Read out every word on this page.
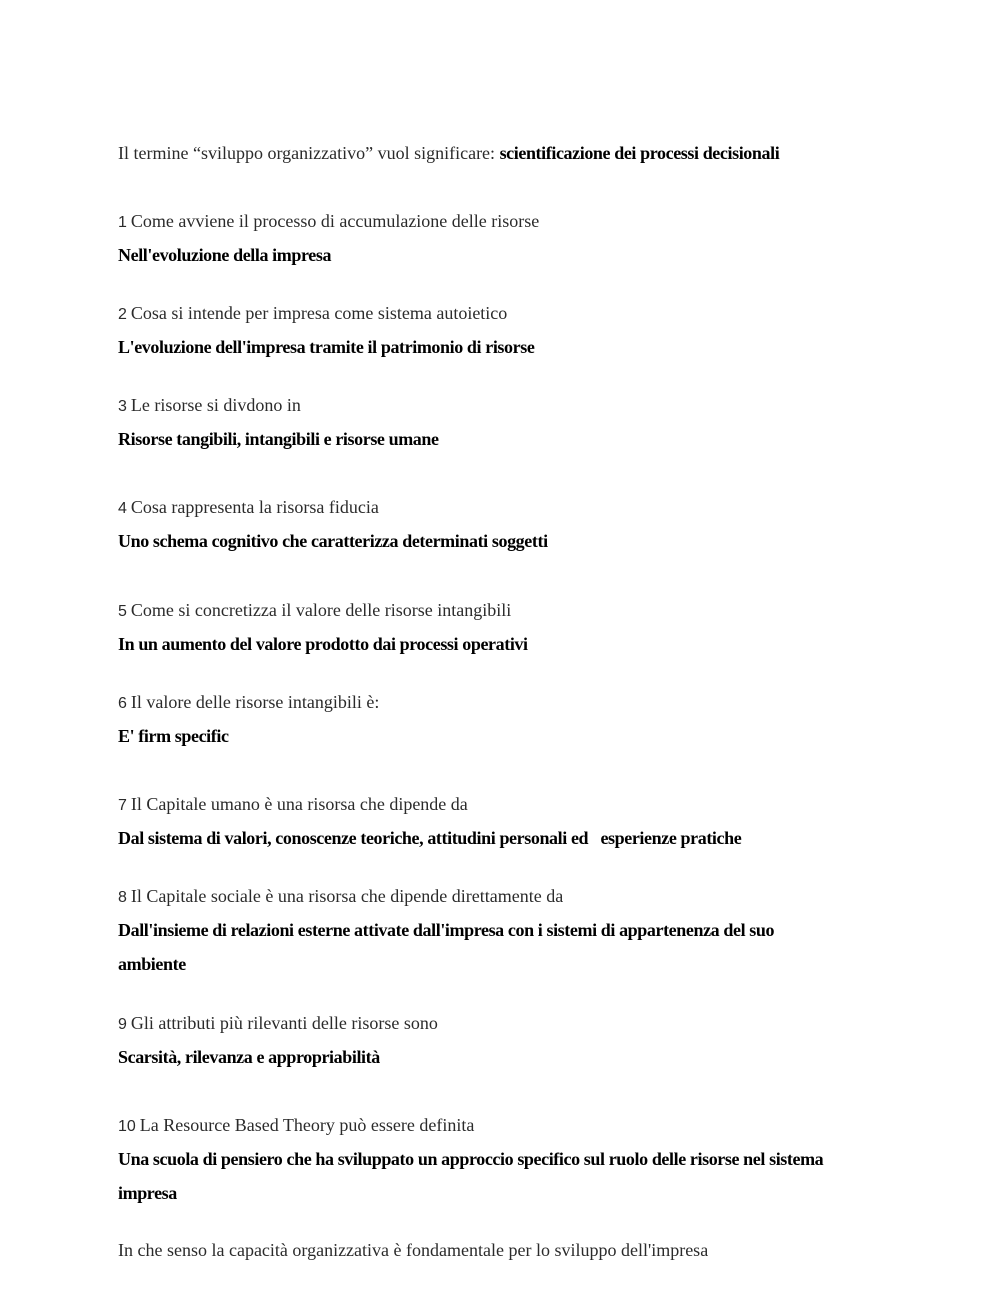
Il termine “sviluppo organizzativo” vuol significare: scientificazione dei processi decisionali
1 Come avviene il processo di accumulazione delle risorse
Nell'evoluzione della impresa
2 Cosa si intende per impresa come sistema autoietico
L'evoluzione dell'impresa tramite il patrimonio di risorse
3 Le risorse si divdono in
Risorse tangibili, intangibili e risorse umane
4 Cosa rappresenta la risorsa fiducia
Uno schema cognitivo che caratterizza determinati soggetti
5 Come si concretizza il valore delle risorse intangibili
In un aumento del valore prodotto dai processi operativi
6 Il valore delle risorse intangibili è:
E' firm specific
7 Il Capitale umano è una risorsa che dipende da
Dal sistema di valori, conoscenze teoriche, attitudini personali ed   esperienze pratiche
8 Il Capitale sociale è una risorsa che dipende direttamente da
Dall'insieme di relazioni esterne attivate dall'impresa con i sistemi di appartenenza del suo ambiente
9 Gli attributi più rilevanti delle risorse sono
Scarsità, rilevanza e appropriabilità
10 La Resource Based Theory può essere definita
Una scuola di pensiero che ha sviluppato un approccio specifico sul ruolo delle risorse nel sistema impresa
In che senso la capacità organizzativa è fondamentale per lo sviluppo dell'impresa
